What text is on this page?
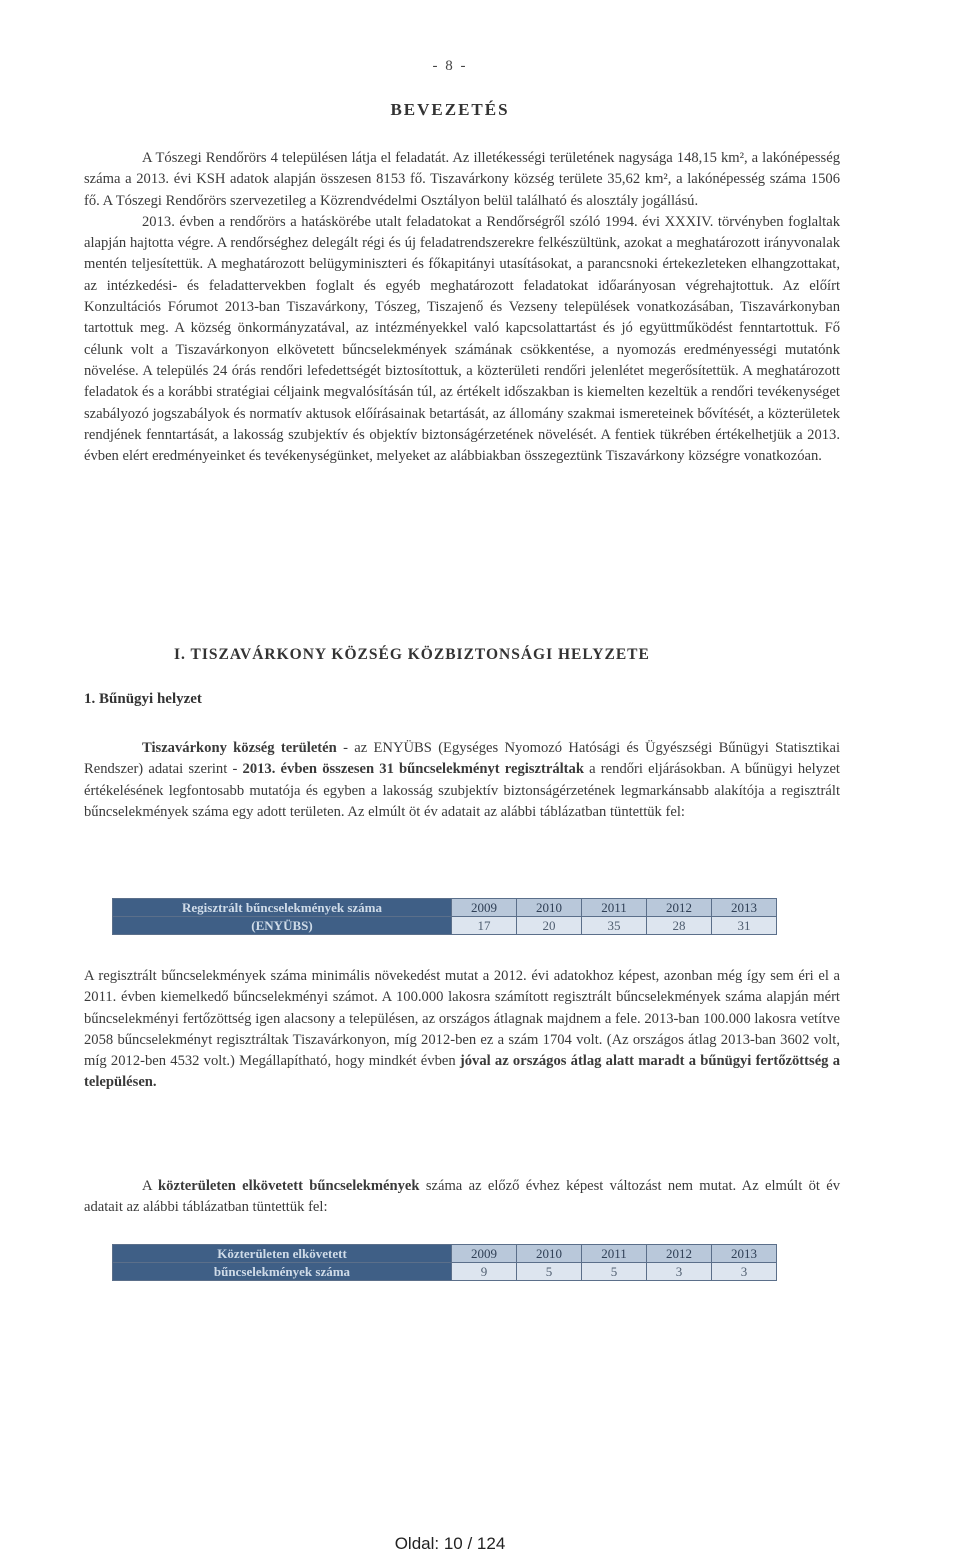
- 8 -
BEVEZETÉS

A Tószegi Rendőrörs 4 településen látja el feladatát. Az illetékességi területének nagysága 148,15 km², a lakónépesség száma a 2013. évi KSH adatok alapján összesen 8153 fő. Tiszavárkony község területe 35,62 km², a lakónépesség száma 1506 fő. A Tószegi Rendőrörs szervezetileg a Közrendvédelmi Osztályon belül található és alosztály jogállású.

2013. évben a rendőrörs a hatáskörébe utalt feladatokat a Rendőrségről szóló 1994. évi XXXIV. törvényben foglaltak alapján hajtotta végre. A rendőrséghez delegált régi és új feladatrendszerekre felkészültünk, azokat a meghatározott irányvonalak mentén teljesítettük. A meghatározott belügyminiszteri és főkapitányi utasításokat, a parancsnoki értekezleteken elhangzottakat, az intézkedési- és feladattervekben foglalt és egyéb meghatározott feladatokat időarányosan végrehajtottuk. Az előírt Konzultációs Fórumot 2013-ban Tiszavárkony, Tószeg, Tiszajenő és Vezseny települések vonatkozásában, Tiszavárkonyban tartottuk meg. A község önkormányzatával, az intézményekkel való kapcsolattartást és jó együttműködést fenntartottuk. Fő célunk volt a Tiszavárkonyon elkövetett bűncselekmények számának csökkentése, a nyomozás eredményességi mutatónk növelése. A település 24 órás rendőri lefedettségét biztosítottuk, a közterületi rendőri jelenlétet megerősítettük. A meghatározott feladatok és a korábbi stratégiai céljaink megvalósításán túl, az értékelt időszakban is kiemelten kezeltük a rendőri tevékenységet szabályozó jogszabályok és normatív aktusok előírásainak betartását, az állomány szakmai ismereteinek bővítését, a közterületek rendjének fenntartását, a lakosság szubjektív és objektív biztonságérzetének növelését. A fentiek tükrében értékelhetjük a 2013. évben elért eredményeinket és tevékenységünket, melyeket az alábbiakban összegeztünk Tiszavárkony községre vonatkozóan.

I. TISZAVÁRKONY KÖZSÉG KÖZBIZTONSÁGI HELYZETE
1. Bűnügyi helyzet

Tiszavárkony község területén - az ENYÜBS (Egységes Nyomozó Hatósági és Ügyészségi Bűnügyi Statisztikai Rendszer) adatai szerint - 2013. évben összesen 31 bűncselekményt regisztráltak a rendőri eljárásokban. A bűnügyi helyzet értékelésének legfontosabb mutatója és egyben a lakosság szubjektív biztonságérzetének legmarkánsabb alakítója a regisztrált bűncselekmények száma egy adott területen. Az elmúlt öt év adatait az alábbi táblázatban tüntettük fel:

Regisztrált bűncselekmények száma	2009	2010	2011	2012	2013
(ENYÜBS)	17	20	35	28	31

A regisztrált bűncselekmények száma minimális növekedést mutat a 2012. évi adatokhoz képest, azonban még így sem éri el a 2011. évben kiemelkedő bűncselekményi számot. A 100.000 lakosra számított regisztrált bűncselekmények száma alapján mért bűncselekményi fertőzöttség igen alacsony a településen, az országos átlagnak majdnem a fele. 2013-ban 100.000 lakosra vetítve 2058 bűncselekményt regisztráltak Tiszavárkonyon, míg 2012-ben ez a szám 1704 volt. (Az országos átlag 2013-ban 3602 volt, míg 2012-ben 4532 volt.) Megállapítható, hogy mindkét évben jóval az országos átlag alatt maradt a bűnügyi fertőzöttség a településen.

A közterületen elkövetett bűncselekmények száma az előző évhez képest változást nem mutat. Az elmúlt öt év adatait az alábbi táblázatban tüntettük fel:

Közterületen elkövetett	2009	2010	2011	2012	2013
bűncselekmények száma	9	5	5	3	3
Oldal: 10 / 124
